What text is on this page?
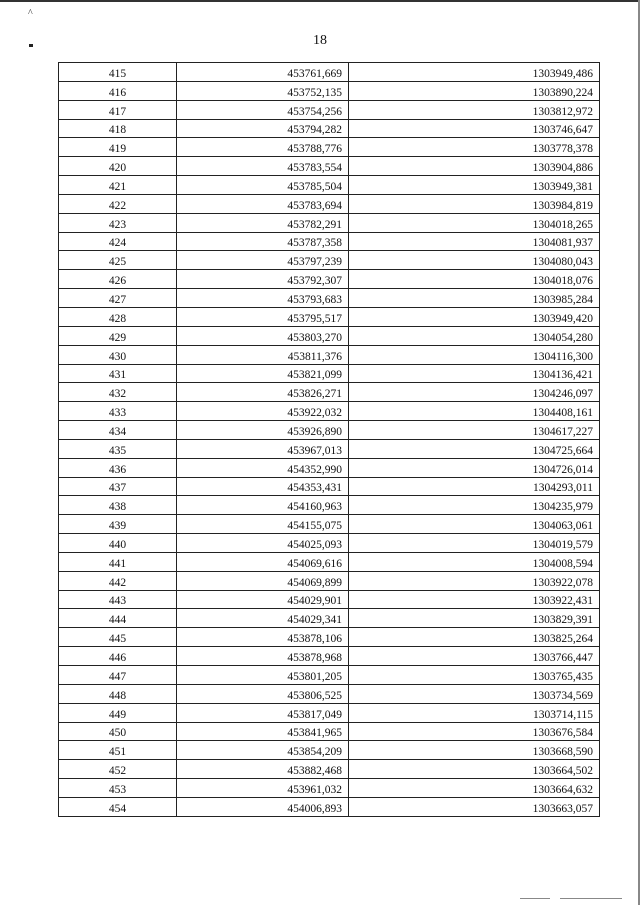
^
18
415	453761,669	1303949,486
416	453752,135	1303890,224
417	453754,256	1303812,972
418	453794,282	1303746,647
419	453788,776	1303778,378
420	453783,554	1303904,886
421	453785,504	1303949,381
422	453783,694	1303984,819
423	453782,291	1304018,265
424	453787,358	1304081,937
425	453797,239	1304080,043
426	453792,307	1304018,076
427	453793,683	1303985,284
428	453795,517	1303949,420
429	453803,270	1304054,280
430	453811,376	1304116,300
431	453821,099	1304136,421
432	453826,271	1304246,097
433	453922,032	1304408,161
434	453926,890	1304617,227
435	453967,013	1304725,664
436	454352,990	1304726,014
437	454353,431	1304293,011
438	454160,963	1304235,979
439	454155,075	1304063,061
440	454025,093	1304019,579
441	454069,616	1304008,594
442	454069,899	1303922,078
443	454029,901	1303922,431
444	454029,341	1303829,391
445	453878,106	1303825,264
446	453878,968	1303766,447
447	453801,205	1303765,435
448	453806,525	1303734,569
449	453817,049	1303714,115
450	453841,965	1303676,584
451	453854,209	1303668,590
452	453882,468	1303664,502
453	453961,032	1303664,632
454	454006,893	1303663,057
